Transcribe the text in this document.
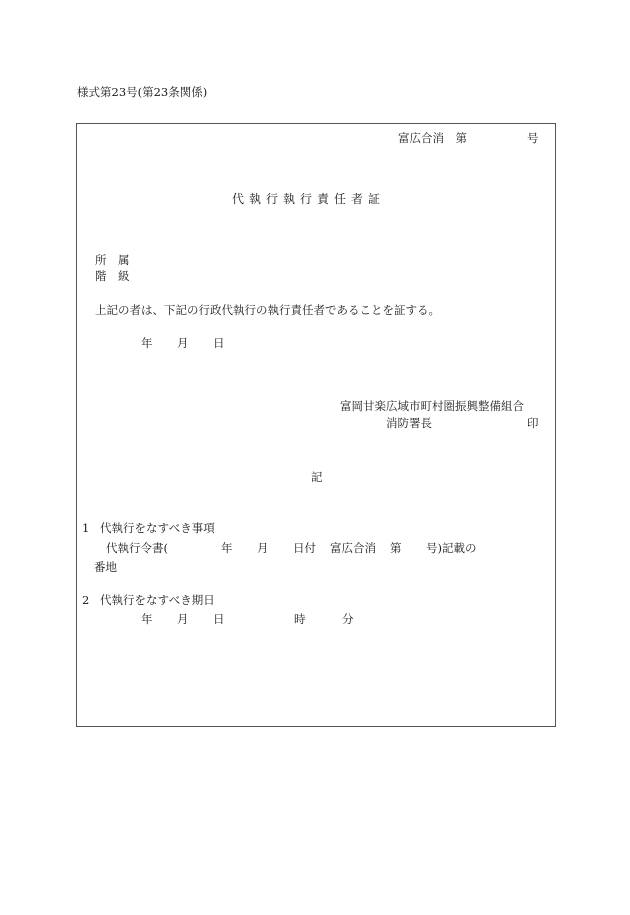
様式第23号(第23条関係)
富広合消　第	号
代執行執行責任者証
所　属
階　級
上記の者は、下記の行政代執行の執行責任者であることを証する。
年 月 日
富岡甘楽広域市町村圏振興整備組合
消防署長	印
記
1 代執行をなすべき事項
代執行令書(	年 月 日付 富広合消 第 号)記載の
番地
2 代執行をなすべき期日
年 月 日	時	分
